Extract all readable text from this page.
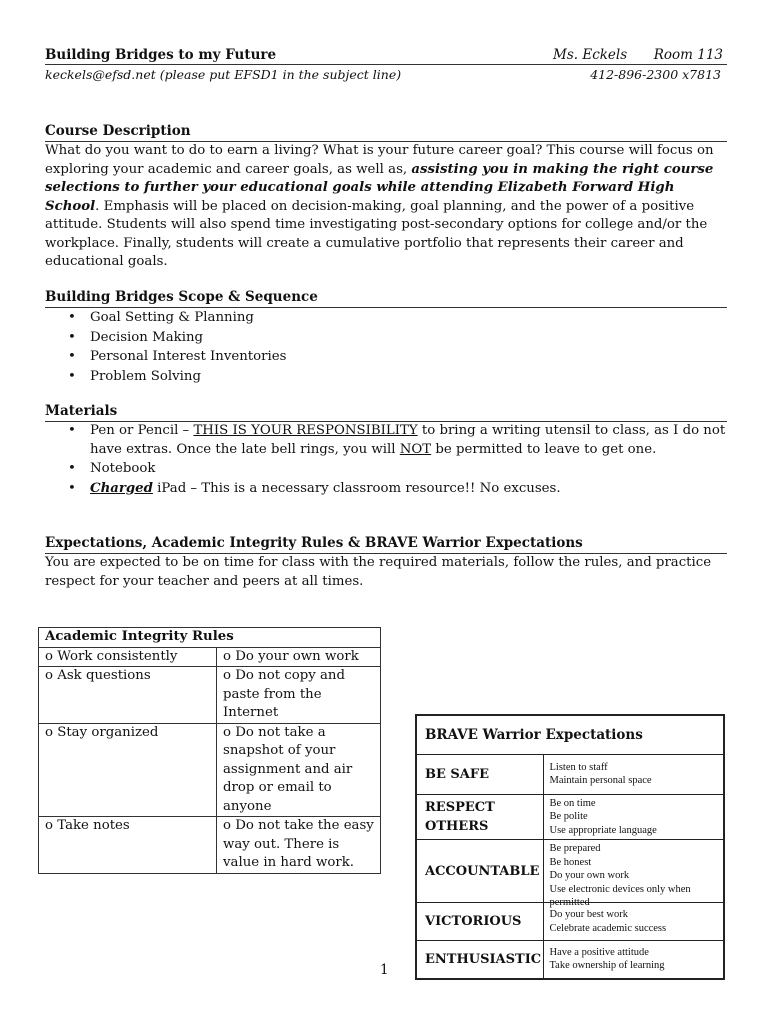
Building Bridges to my Future	Ms. Eckels Room 113
keckels@efsd.net (please put EFSD1 in the subject line)	412-896-2300 x7813
Course Description
What do you want to do to earn a living? What is your future career goal? This course will focus on exploring your academic and career goals, as well as, assisting you in making the right course selections to further your educational goals while attending Elizabeth Forward High School. Emphasis will be placed on decision-making, goal planning, and the power of a positive attitude. Students will also spend time investigating post-secondary options for college and/or the workplace. Finally, students will create a cumulative portfolio that represents their career and educational goals.
Building Bridges Scope & Sequence
• Goal Setting & Planning
• Decision Making
• Personal Interest Inventories
• Problem Solving
Materials
• Pen or Pencil – THIS IS YOUR RESPONSIBILITY to bring a writing utensil to class, as I do not have extras. Once the late bell rings, you will NOT be permitted to leave to get one.
• Notebook
• Charged iPad – This is a necessary classroom resource!! No excuses.
Expectations, Academic Integrity Rules & BRAVE Warrior Expectations
You are expected to be on time for class with the required materials, follow the rules, and practice respect for your teacher and peers at all times.
Academic Integrity Rules	
o Work consistently	o Do your own work
o Ask questions	o Do not copy and paste from the Internet
o Stay organized	o Do not take a snapshot of your assignment and air drop or email to anyone
o Take notes	o Do not take the easy way out. There is value in hard work.
BRAVE Warrior Expectations	
BE SAFE	Listen to staff
Maintain personal space

RESPECT OTHERS	Be on time
Be polite
Use appropriate language

ACCOUNTABLE	Be prepared
Be honest
Do your own work
Use electronic devices only when permitted

VICTORIOUS	Do your best work
Celebrate academic success

ENTHUSIASTIC	Have a positive attitude
Take ownership of learning
1
